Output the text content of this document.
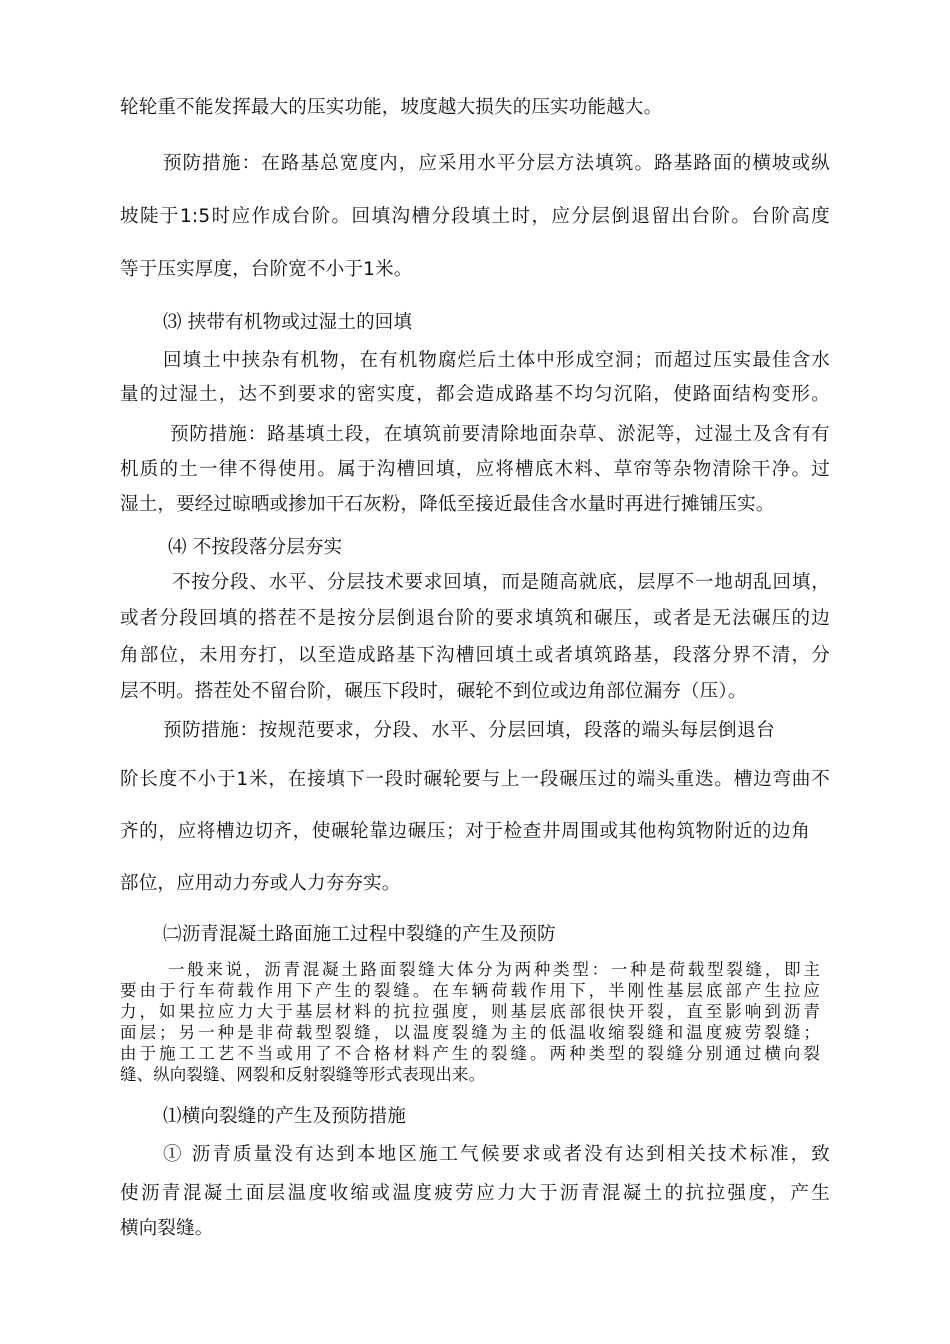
轮轮重不能发挥最大的压实功能，坡度越大损失的压实功能越大。
预防措施：在路基总宽度内，应采用水平分层方法填筑。路基路面的横坡或纵
坡陡于1:5时应作成台阶。回填沟槽分段填土时，应分层倒退留出台阶。台阶高度
等于压实厚度，台阶宽不小于1米。
⑶ 挟带有机物或过湿土的回填
回填土中挟杂有机物，在有机物腐烂后土体中形成空洞；而超过压实最佳含水
量的过湿土，达不到要求的密实度，都会造成路基不均匀沉陷，使路面结构变形。
预防措施：路基填土段，在填筑前要清除地面杂草、淤泥等，过湿土及含有有
机质的土一律不得使用。属于沟槽回填，应将槽底木料、草帘等杂物清除干净。过
湿土，要经过晾晒或掺加干石灰粉，降低至接近最佳含水量时再进行摊铺压实。
⑷ 不按段落分层夯实
不按分段、水平、分层技术要求回填，而是随高就底，层厚不一地胡乱回填，
或者分段回填的搭茬不是按分层倒退台阶的要求填筑和碾压，或者是无法碾压的边
角部位，未用夯打，以至造成路基下沟槽回填土或者填筑路基，段落分界不清，分
层不明。搭茬处不留台阶，碾压下段时，碾轮不到位或边角部位漏夯（压）。
预防措施：按规范要求，分段、水平、分层回填，段落的端头每层倒退台
阶长度不小于1米，在接填下一段时碾轮要与上一段碾压过的端头重迭。槽边弯曲不
齐的，应将槽边切齐，使碾轮靠边碾压；对于检查井周围或其他构筑物附近的边角
部位，应用动力夯或人力夯夯实。
㈡沥青混凝土路面施工过程中裂缝的产生及预防
一般来说，沥青混凝土路面裂缝大体分为两种类型：一种是荷载型裂缝，即主
要由于行车荷载作用下产生的裂缝。在车辆荷载作用下，半刚性基层底部产生拉应
力，如果拉应力大于基层材料的抗拉强度，则基层底部很快开裂，直至影响到沥青
面层；另一种是非荷载型裂缝，以温度裂缝为主的低温收缩裂缝和温度疲劳裂缝；
由于施工工艺不当或用了不合格材料产生的裂缝。两种类型的裂缝分别通过横向裂
缝、纵向裂缝、网裂和反射裂缝等形式表现出来。
⑴横向裂缝的产生及预防措施
① 沥青质量没有达到本地区施工气候要求或者没有达到相关技术标准，致
使沥青混凝土面层温度收缩或温度疲劳应力大于沥青混凝土的抗拉强度，产生
横向裂缝。
